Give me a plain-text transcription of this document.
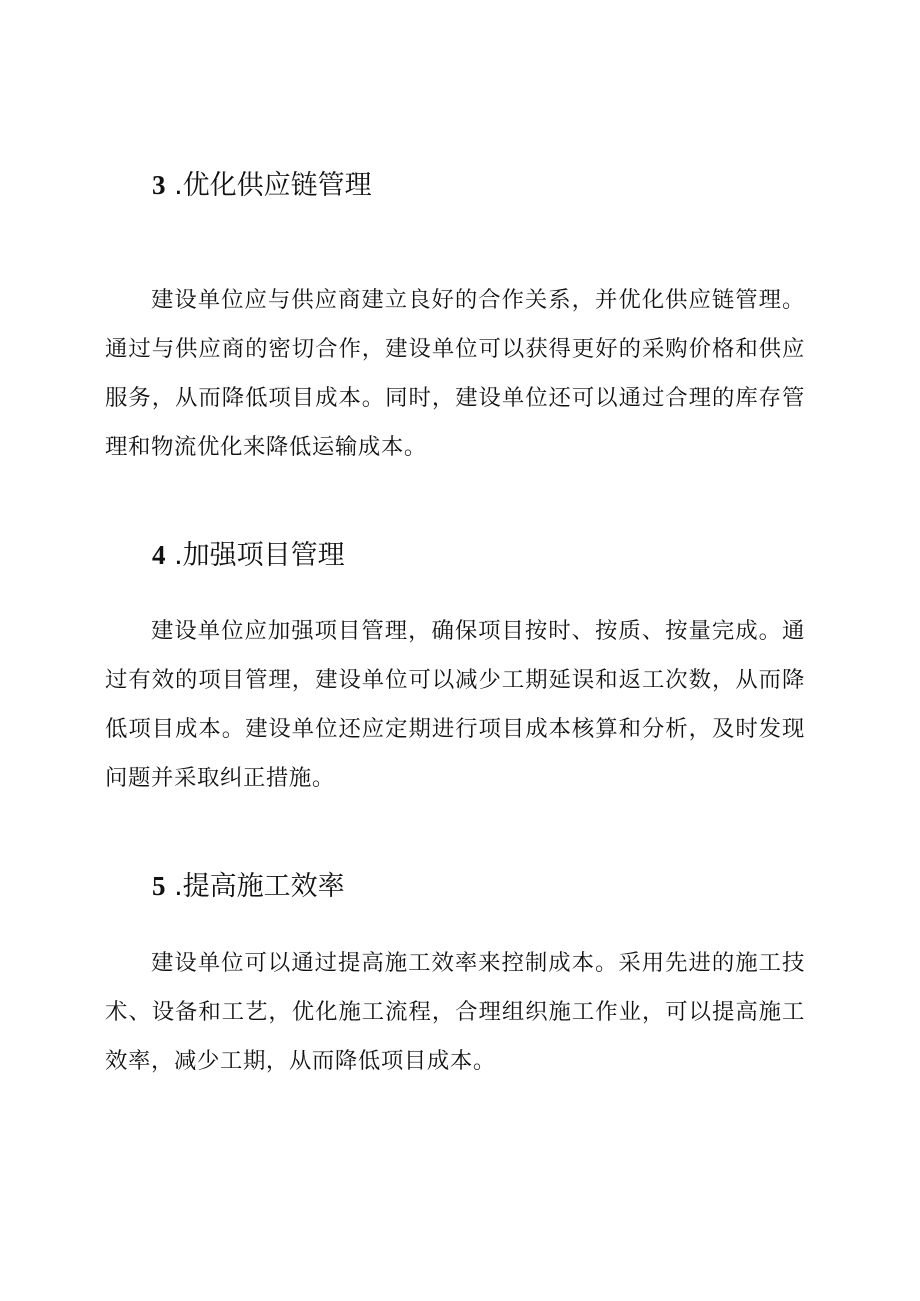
3 .优化供应链管理

建设单位应与供应商建立良好的合作关系，并优化供应链管理。通过与供应商的密切合作，建设单位可以获得更好的采购价格和供应服务，从而降低项目成本。同时，建设单位还可以通过合理的库存管理和物流优化来降低运输成本。

4 .加强项目管理

建设单位应加强项目管理，确保项目按时、按质、按量完成。通过有效的项目管理，建设单位可以减少工期延误和返工次数，从而降低项目成本。建设单位还应定期进行项目成本核算和分析，及时发现问题并采取纠正措施。

5 .提高施工效率

建设单位可以通过提高施工效率来控制成本。采用先进的施工技术、设备和工艺，优化施工流程，合理组织施工作业，可以提高施工效率，减少工期，从而降低项目成本。
